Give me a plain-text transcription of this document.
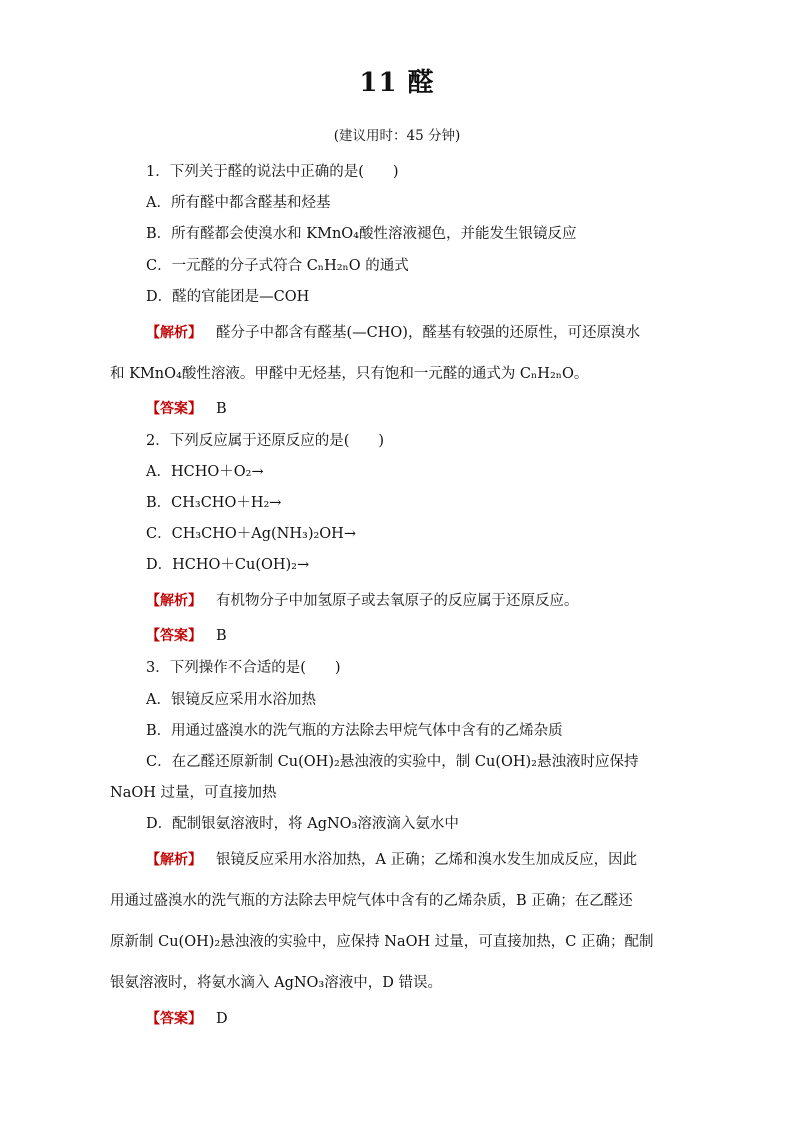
11 醛
(建议用时：45 分钟)
1．下列关于醛的说法中正确的是(　　)
A．所有醛中都含醛基和烃基
B．所有醛都会使溴水和 KMnO₄酸性溶液褪色，并能发生银镜反应
C．一元醛的分子式符合 CₙH₂ₙO 的通式
D．醛的官能团是—COH
【解析】 醛分子中都含有醛基(—CHO)，醛基有较强的还原性，可还原溴水
和 KMnO₄酸性溶液。甲醛中无烃基，只有饱和一元醛的通式为 CₙH₂ₙO。
【答案】 B
2．下列反应属于还原反应的是(　　)
A．HCHO＋O₂→
B．CH₃CHO＋H₂→
C．CH₃CHO＋Ag(NH₃)₂OH→
D．HCHO＋Cu(OH)₂→
【解析】 有机物分子中加氢原子或去氧原子的反应属于还原反应。
【答案】 B
3．下列操作不合适的是(　　)
A．银镜反应采用水浴加热
B．用通过盛溴水的洗气瓶的方法除去甲烷气体中含有的乙烯杂质
C．在乙醛还原新制 Cu(OH)₂悬浊液的实验中，制 Cu(OH)₂悬浊液时应保持
NaOH 过量，可直接加热
D．配制银氨溶液时，将 AgNO₃溶液滴入氨水中
【解析】 银镜反应采用水浴加热，A 正确；乙烯和溴水发生加成反应，因此
用通过盛溴水的洗气瓶的方法除去甲烷气体中含有的乙烯杂质，B 正确；在乙醛还
原新制 Cu(OH)₂悬浊液的实验中，应保持 NaOH 过量，可直接加热，C 正确；配制
银氨溶液时，将氨水滴入 AgNO₃溶液中，D 错误。
【答案】 D
